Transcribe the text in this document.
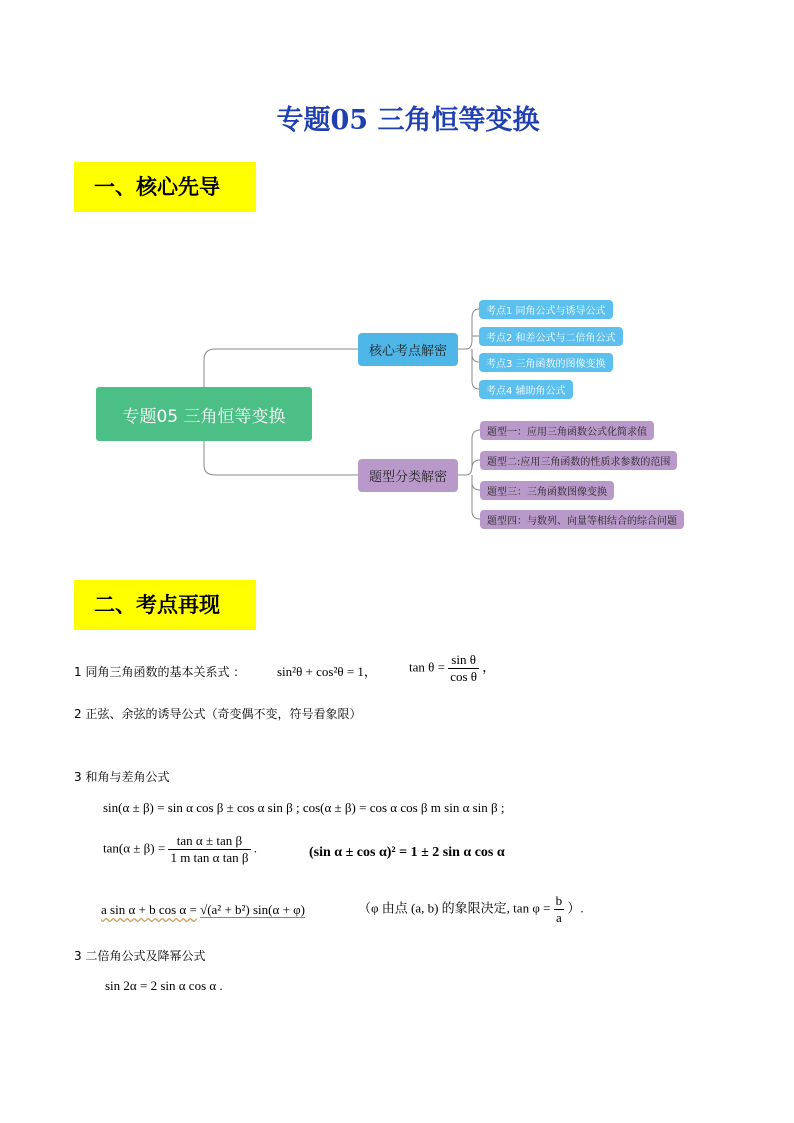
专题05 三角恒等变换
一、核心先导
专题05 三角恒等变换
核心考点解密
题型分类解密
考点1 同角公式与诱导公式
考点2 和差公式与二倍角公式
考点3 三角函数的图像变换
考点4 辅助角公式
题型一：应用三角函数公式化简求值
题型二:应用三角函数的性质求参数的范围
题型三：三角函数图像变换
题型四：与数列、向量等相结合的综合问题
二、考点再现
1 同角三角函数的基本关系式 ： sin²θ + cos²θ = 1， $\tan \theta = \frac{\text{sin θ}}{\text{cos θ}}$ ，
2 正弦、余弦的诱导公式（奇变偶不变，符号看象限）
3 和角与差角公式
sin(α ± β) = sin α cos β ± cos α sin β ; cos(α ± β) = cos α cos β m sin α sin β ;
$\tan(\alpha \pm \beta) = \frac{\text{tan α ± tan β}}{\text{1 m tan α tan β}}$ .	(sin α ± cos α)² = 1 ± 2 sin α cos α
a sin α + b cos α = √(a² + b²) sin(α + φ)	（φ 由点 (a, b) 的象限决定, $\tan \varphi = \frac{b}{a}$ ）.
3 二倍角公式及降幂公式
sin 2α = 2 sin α cos α .
